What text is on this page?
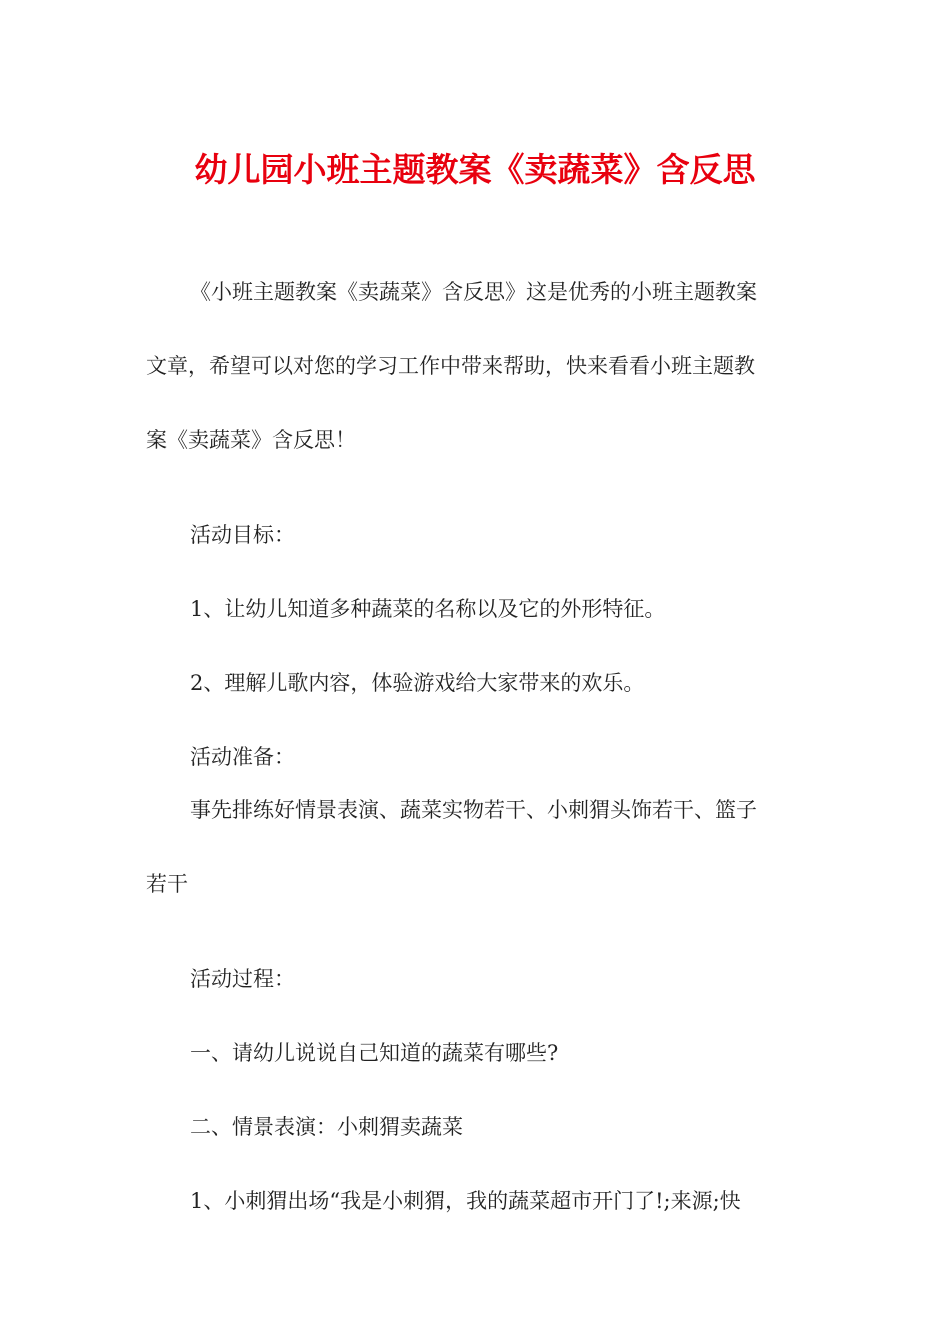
幼儿园小班主题教案《卖蔬菜》含反思
《小班主题教案《卖蔬菜》含反思》这是优秀的小班主题教案
文章，希望可以对您的学习工作中带来帮助，快来看看小班主题教
案《卖蔬菜》含反思！

活动目标：

1、让幼儿知道多种蔬菜的名称以及它的外形特征。

2、理解儿歌内容，体验游戏给大家带来的欢乐。

活动准备：

事先排练好情景表演、蔬菜实物若干、小刺猬头饰若干、篮子
若干

活动过程：

一、请幼儿说说自己知道的蔬菜有哪些?

二、情景表演：小刺猬卖蔬菜

1、小刺猬出场“我是小刺猬，我的蔬菜超市开门了!;来源;快
